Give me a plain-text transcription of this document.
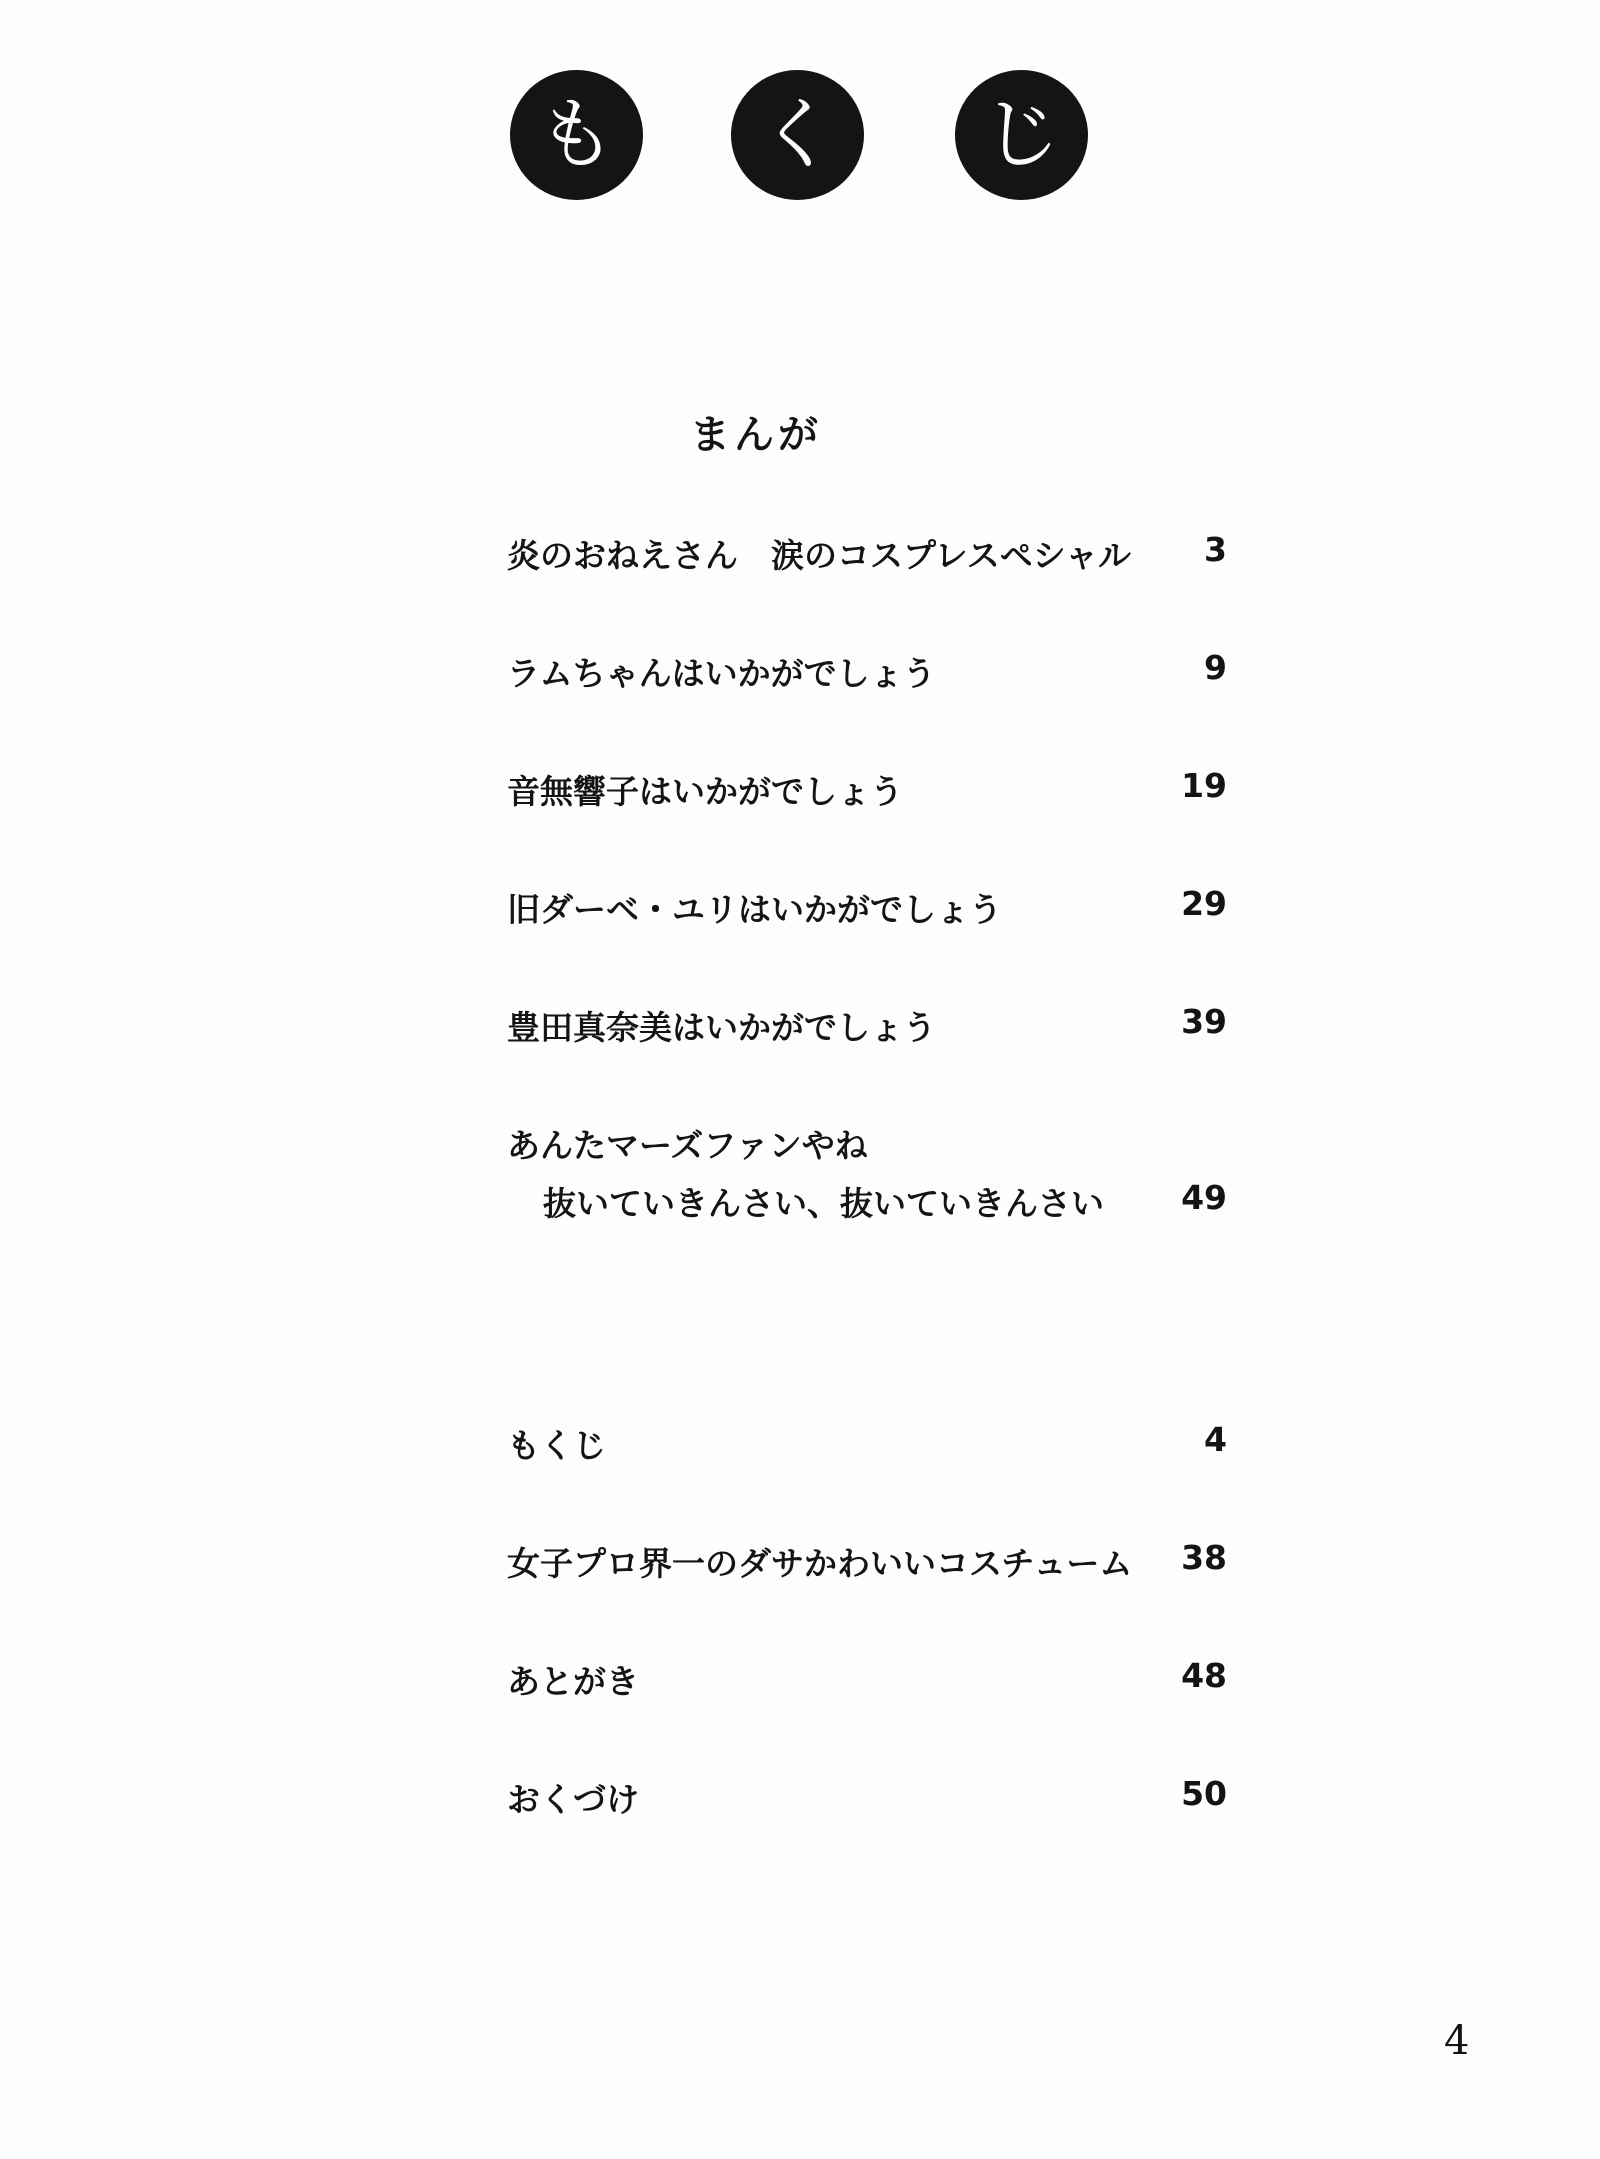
も く じ
まんが
炎のおねえさん　涙のコスプレスペシャル 3
ラムちゃんはいかがでしょう	9
音無響子はいかがでしょう	19
旧ダーベ・ユリはいかがでしょう	29
豊田真奈美はいかがでしょう	39
あんたマーズファンやね
抜いていきんさい、抜いていきんさい 49
もくじ	4
女子プロ界一のダサかわいいコスチューム 38
あとがき	48
おくづけ	50
4
